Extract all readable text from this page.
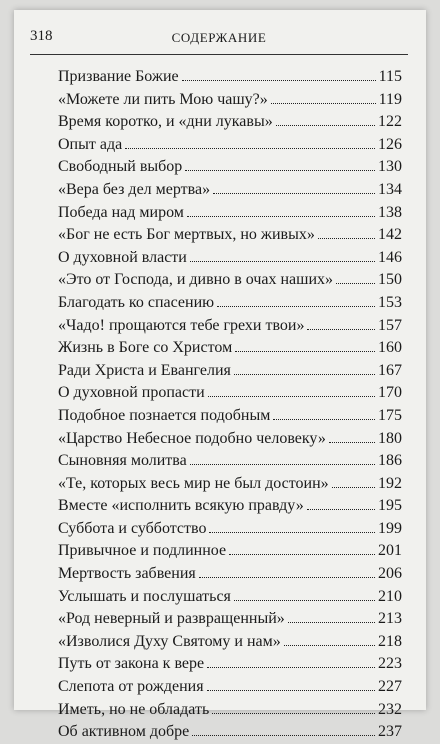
318	СОДЕРЖАНИЕ
Призвание Божие	115
«Можете ли пить Мою чашу?»	119
Время коротко, и «дни лукавы»	122
Опыт ада	126
Свободный выбор	130
«Вера без дел мертва»	134
Победа над миром	138
«Бог не есть Бог мертвых, но живых»	142
О духовной власти	146
«Это от Господа, и дивно в очах наших»	150
Благодать ко спасению	153
«Чадо! прощаются тебе грехи твои»	157
Жизнь в Боге со Христом	160
Ради Христа и Евангелия	167
О духовной пропасти	170
Подобное познается подобным	175
«Царство Небесное подобно человеку»	180
Сыновняя молитва	186
«Те, которых весь мир не был достоин»	192
Вместе «исполнить всякую правду»	195
Суббота и субботство	199
Привычное и подлинное	201
Мертвость забвения	206
Услышать и послушаться	210
«Род неверный и развращенный»	213
«Изволися Духу Святому и нам»	218
Путь от закона к вере	223
Слепота от рождения	227
Иметь, но не обладать	232
Об активном добре	237
